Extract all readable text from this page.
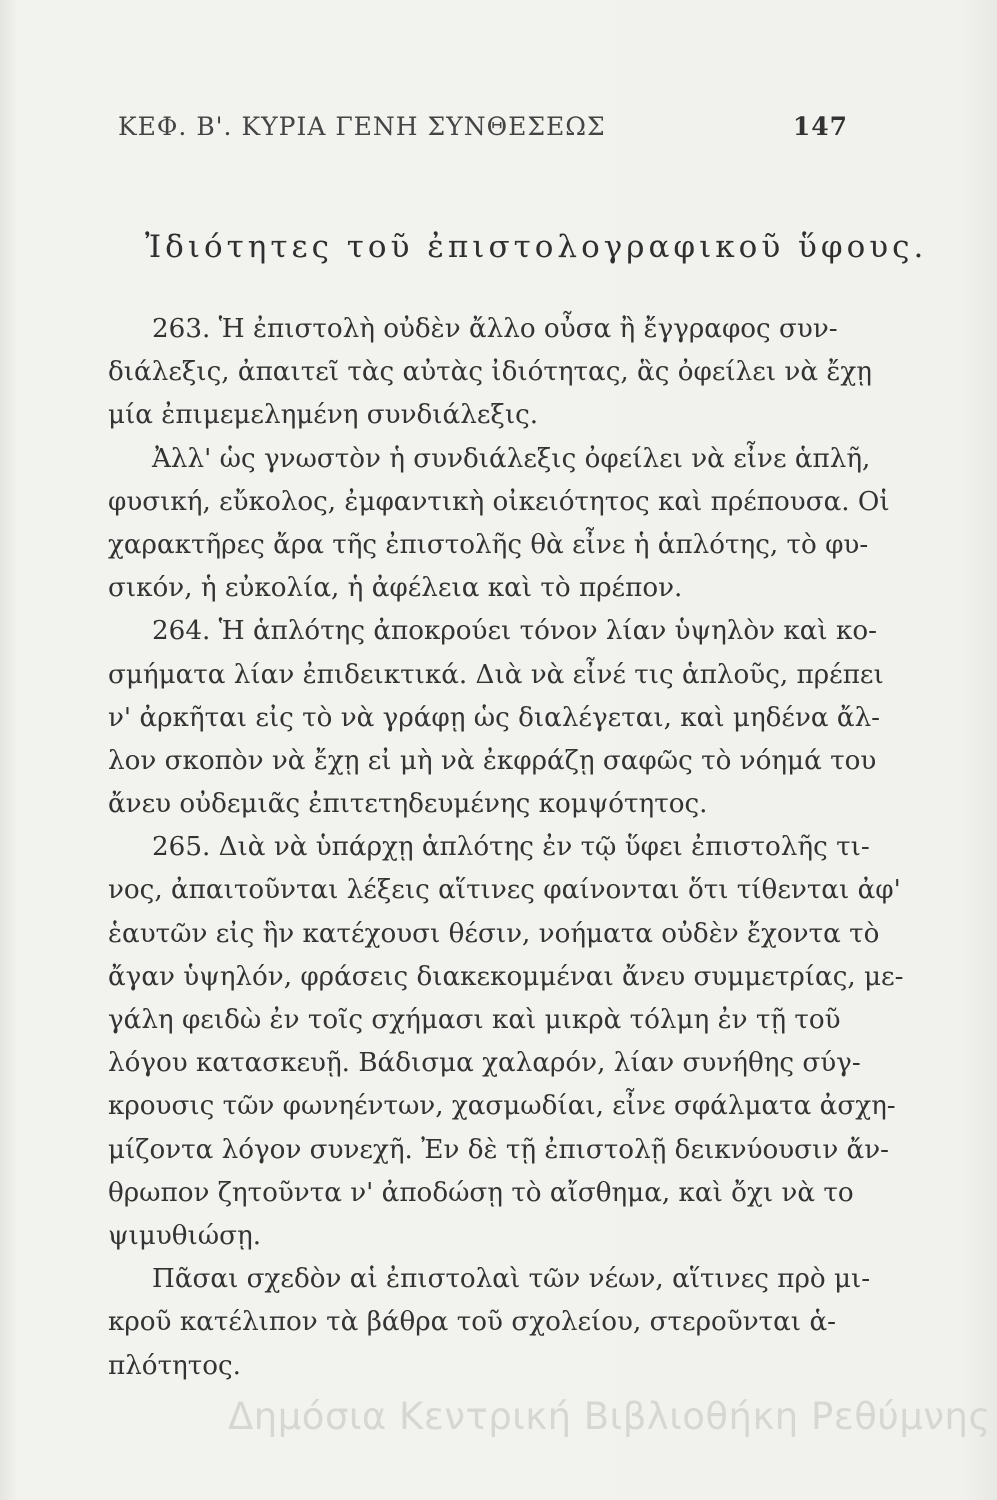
ΚΕΦ. Β'. ΚΥΡΙΑ ΓΕΝΗ ΣΥΝΘΕΣΕΩΣ	147
Ἰδιότητες τοῦ ἐπιστολογραφικοῦ ὕφους.
263. Ἡ ἐπιστολὴ οὐδὲν ἄλλο οὖσα ἢ ἔγγραφος συν-
διάλεξις, ἀπαιτεῖ τὰς αὐτὰς ἰδιότητας, ἃς ὀφείλει νὰ ἔχῃ
μία ἐπιμεμελημένη συνδιάλεξις.
Ἀλλ' ὡς γνωστὸν ἡ συνδιάλεξις ὀφείλει νὰ εἶνε ἁπλῆ,
φυσική, εὔκολος, ἐμφαντικὴ οἰκειότητος καὶ πρέπουσα. Οἱ
χαρακτῆρες ἄρα τῆς ἐπιστολῆς θὰ εἶνε ἡ ἁπλότης, τὸ φυ-
σικόν, ἡ εὐκολία, ἡ ἀφέλεια καὶ τὸ πρέπον.
264. Ἡ ἁπλότης ἀποκρούει τόνον λίαν ὑψηλὸν καὶ κο-
σμήματα λίαν ἐπιδεικτικά. Διὰ νὰ εἶνέ τις ἁπλοῦς, πρέπει
ν' ἀρκῆται εἰς τὸ νὰ γράφῃ ὡς διαλέγεται, καὶ μηδένα ἄλ-
λον σκοπὸν νὰ ἔχῃ εἰ μὴ νὰ ἐκφράζῃ σαφῶς τὸ νόημά του
ἄνευ οὐδεμιᾶς ἐπιτετηδευμένης κομψότητος.
265. Διὰ νὰ ὑπάρχῃ ἁπλότης ἐν τῷ ὕφει ἐπιστολῆς τι-
νος, ἀπαιτοῦνται λέξεις αἵτινες φαίνονται ὅτι τίθενται ἀφ'
ἑαυτῶν εἰς ἣν κατέχουσι θέσιν, νοήματα οὐδὲν ἔχοντα τὸ
ἄγαν ὑψηλόν, φράσεις διακεκομμέναι ἄνευ συμμετρίας, με-
γάλη φειδὼ ἐν τοῖς σχήμασι καὶ μικρὰ τόλμη ἐν τῇ τοῦ
λόγου κατασκευῇ. Βάδισμα χαλαρόν, λίαν συνήθης σύγ-
κρουσις τῶν φωνηέντων, χασμωδίαι, εἶνε σφάλματα ἀσχη-
μίζοντα λόγον συνεχῆ. Ἐν δὲ τῇ ἐπιστολῇ δεικνύουσιν ἄν-
θρωπον ζητοῦντα ν' ἀποδώσῃ τὸ αἴσθημα, καὶ ὄχι νὰ το
ψιμυθιώσῃ.
Πᾶσαι σχεδὸν αἱ ἐπιστολαὶ τῶν νέων, αἵτινες πρὸ μι-
κροῦ κατέλιπον τὰ βάθρα τοῦ σχολείου, στεροῦνται ἁ-
πλότητος.
Δημόσια Κεντρική Βιβλιοθήκη Ρεθύμνης
